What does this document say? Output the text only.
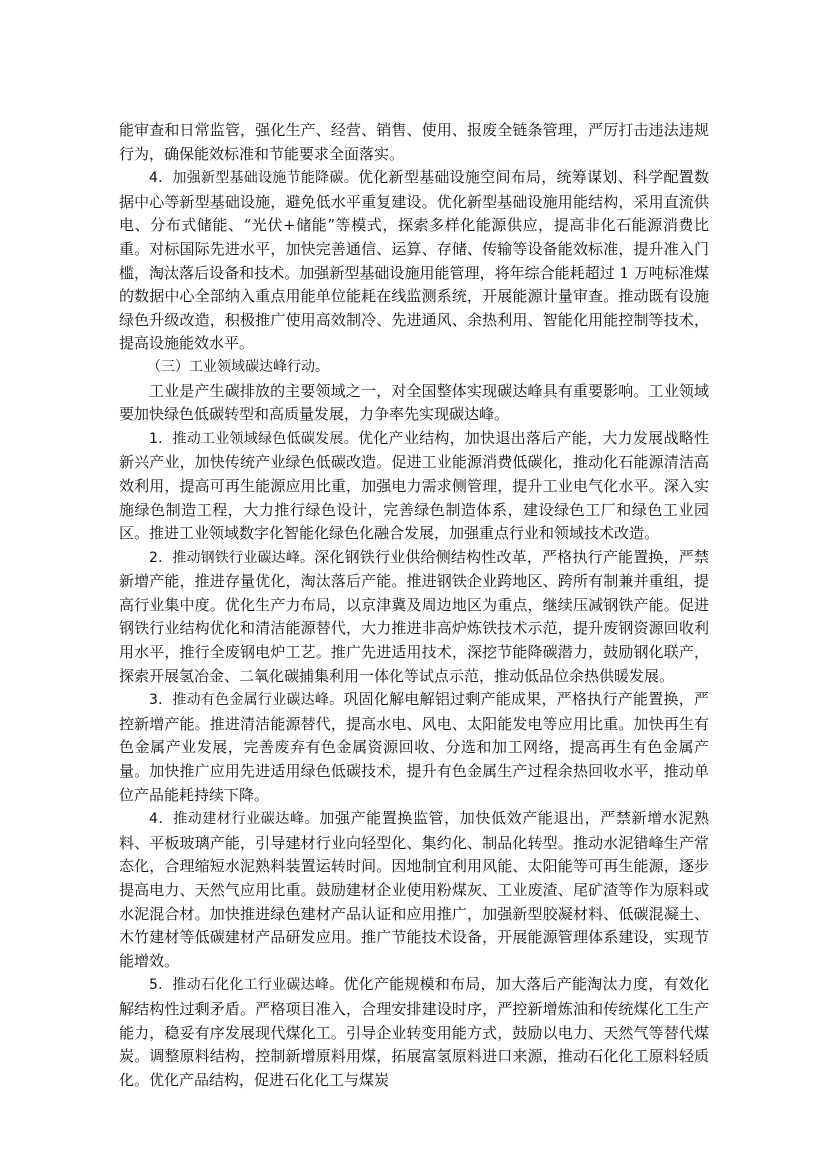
能审查和日常监管，强化生产、经营、销售、使用、报废全链条管理，严厉打击违法违规行为，确保能效标准和节能要求全面落实。

4．加强新型基础设施节能降碳。优化新型基础设施空间布局，统筹谋划、科学配置数据中心等新型基础设施，避免低水平重复建设。优化新型基础设施用能结构，采用直流供电、分布式储能、“光伏+储能”等模式，探索多样化能源供应，提高非化石能源消费比重。对标国际先进水平，加快完善通信、运算、存储、传输等设备能效标准，提升准入门槛，淘汰落后设备和技术。加强新型基础设施用能管理，将年综合能耗超过 1 万吨标准煤的数据中心全部纳入重点用能单位能耗在线监测系统，开展能源计量审查。推动既有设施绿色升级改造，积极推广使用高效制冷、先进通风、余热利用、智能化用能控制等技术，提高设施能效水平。

（三）工业领域碳达峰行动。

工业是产生碳排放的主要领域之一，对全国整体实现碳达峰具有重要影响。工业领域要加快绿色低碳转型和高质量发展，力争率先实现碳达峰。

1．推动工业领域绿色低碳发展。优化产业结构，加快退出落后产能，大力发展战略性新兴产业，加快传统产业绿色低碳改造。促进工业能源消费低碳化，推动化石能源清洁高效利用，提高可再生能源应用比重，加强电力需求侧管理，提升工业电气化水平。深入实施绿色制造工程，大力推行绿色设计，完善绿色制造体系，建设绿色工厂和绿色工业园区。推进工业领域数字化智能化绿色化融合发展，加强重点行业和领域技术改造。

2．推动钢铁行业碳达峰。深化钢铁行业供给侧结构性改革，严格执行产能置换，严禁新增产能，推进存量优化，淘汰落后产能。推进钢铁企业跨地区、跨所有制兼并重组，提高行业集中度。优化生产力布局，以京津冀及周边地区为重点，继续压减钢铁产能。促进钢铁行业结构优化和清洁能源替代，大力推进非高炉炼铁技术示范，提升废钢资源回收利用水平，推行全废钢电炉工艺。推广先进适用技术，深挖节能降碳潜力，鼓励钢化联产，探索开展氢冶金、二氧化碳捕集利用一体化等试点示范，推动低品位余热供暖发展。

3．推动有色金属行业碳达峰。巩固化解电解铝过剩产能成果，严格执行产能置换，严控新增产能。推进清洁能源替代，提高水电、风电、太阳能发电等应用比重。加快再生有色金属产业发展，完善废弃有色金属资源回收、分选和加工网络，提高再生有色金属产量。加快推广应用先进适用绿色低碳技术，提升有色金属生产过程余热回收水平，推动单位产品能耗持续下降。

4．推动建材行业碳达峰。加强产能置换监管，加快低效产能退出，严禁新增水泥熟料、平板玻璃产能，引导建材行业向轻型化、集约化、制品化转型。推动水泥错峰生产常态化，合理缩短水泥熟料装置运转时间。因地制宜利用风能、太阳能等可再生能源，逐步提高电力、天然气应用比重。鼓励建材企业使用粉煤灰、工业废渣、尾矿渣等作为原料或水泥混合材。加快推进绿色建材产品认证和应用推广，加强新型胶凝材料、低碳混凝土、木竹建材等低碳建材产品研发应用。推广节能技术设备，开展能源管理体系建设，实现节能增效。

5．推动石化化工行业碳达峰。优化产能规模和布局，加大落后产能淘汰力度，有效化解结构性过剩矛盾。严格项目准入，合理安排建设时序，严控新增炼油和传统煤化工生产能力，稳妥有序发展现代煤化工。引导企业转变用能方式，鼓励以电力、天然气等替代煤炭。调整原料结构，控制新增原料用煤，拓展富氢原料进口来源，推动石化化工原料轻质化。优化产品结构，促进石化化工与煤炭
